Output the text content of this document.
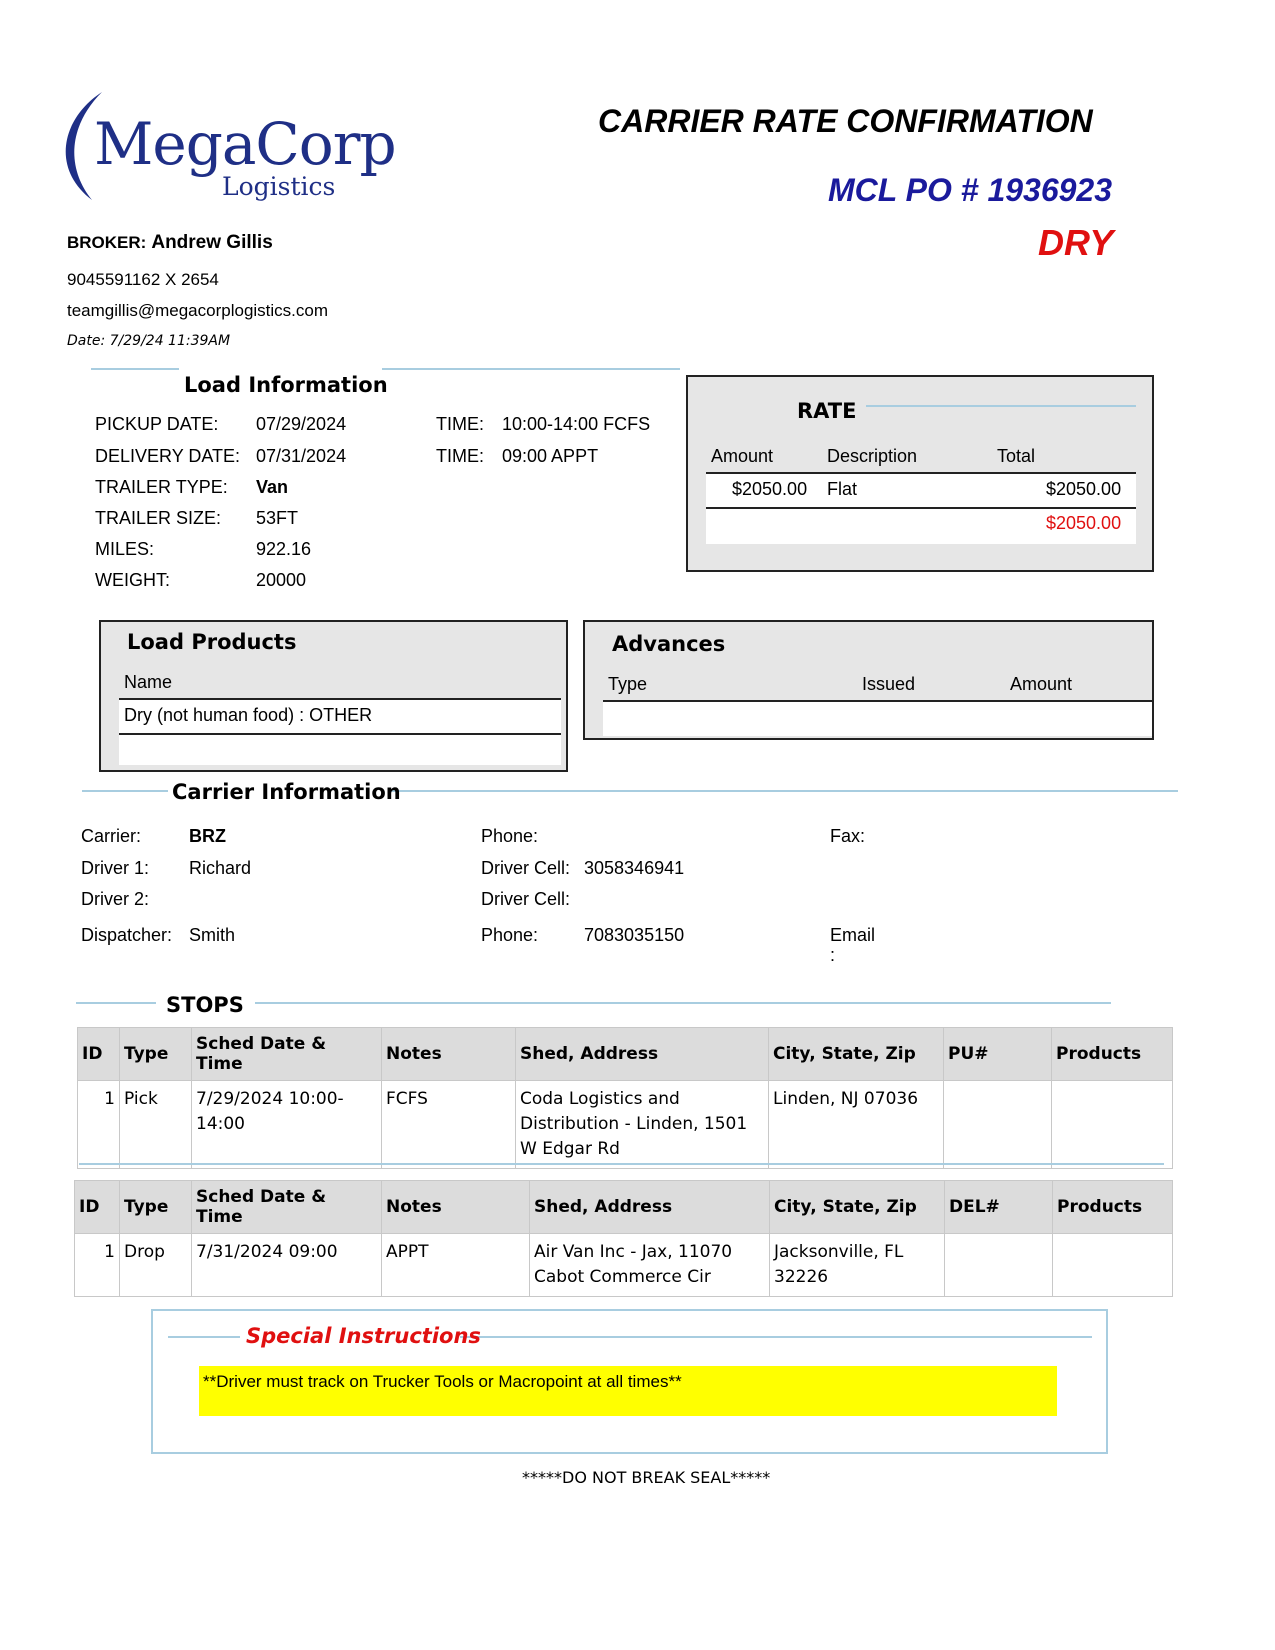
MegaCorp
Logistics
CARRIER RATE CONFIRMATION
MCL PO # 1936923
DRY
BROKER: Andrew Gillis
9045591162 X 2654
teamgillis@megacorplogistics.com
Date: 7/29/24 11:39AM
Load Information
PICKUP DATE: 07/29/2024	TIME: 10:00-14:00 FCFS
DELIVERY DATE: 07/31/2024	TIME: 09:00 APPT
TRAILER TYPE: Van
TRAILER SIZE: 53FT
MILES:	922.16
WEIGHT:	20000
RATE
Amount	Description	Total
$2050.00 Flat	$2050.00
$2050.00
Load Products
Name
Dry (not human food) : OTHER
Advances
Type	Issued	Amount
Carrier Information
Carrier:	BRZ	Phone:	Fax:
Driver 1: Richard	Driver Cell: 3058346941
Driver 2:	Driver Cell:
Dispatcher: Smith	Phone:	7083035150	Email
:
STOPS
ID	Type	Sched Date & Time	Notes	Shed, Address	City, State, Zip	PU#	Products
1	Pick	7/29/2024 10:00-14:00	FCFS	Coda Logistics and Distribution - Linden, 1501 W Edgar Rd	Linden, NJ 07036		
ID	Type	Sched Date & Time	Notes	Shed, Address	City, State, Zip	DEL#	Products
1	Drop	7/31/2024 09:00	APPT	Air Van Inc - Jax, 11070 Cabot Commerce Cir	Jacksonville, FL 32226		
Special Instructions
**Driver must track on Trucker Tools or Macropoint at all times**
*****DO NOT BREAK SEAL*****
